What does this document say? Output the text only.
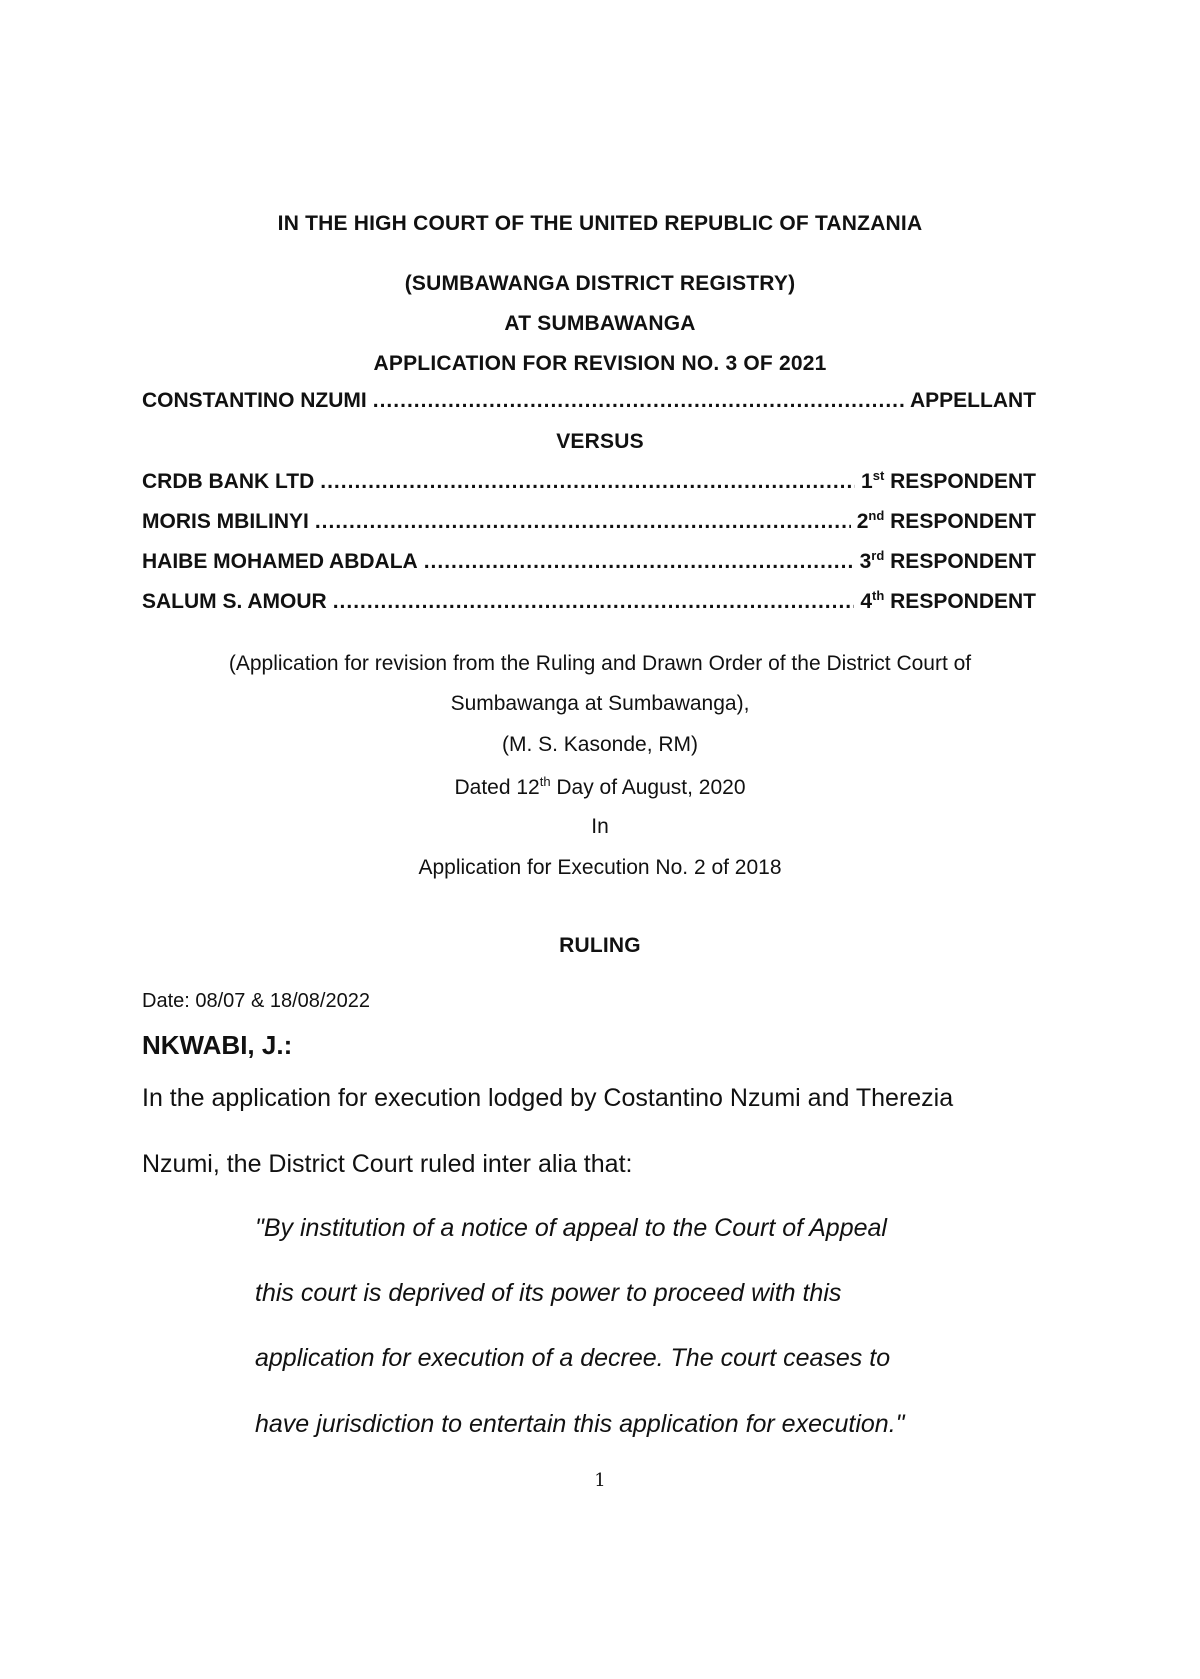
IN THE HIGH COURT OF THE UNITED REPUBLIC OF TANZANIA
(SUMBAWANGA DISTRICT REGISTRY)
AT SUMBAWANGA
APPLICATION FOR REVISION NO. 3 OF 2021
CONSTANTINO NZUMI .....	APPELLANT
VERSUS
CRDB BANK LTD .....	1st RESPONDENT
MORIS MBILINYI .....	2nd RESPONDENT
HAIBE MOHAMED ABDALA .....	3rd RESPONDENT
SALUM S. AMOUR .....	4th RESPONDENT
(Application for revision from the Ruling and Drawn Order of the District Court of
Sumbawanga at Sumbawanga),
(M. S. Kasonde, RM)
Dated 12th Day of August, 2020
In
Application for Execution No. 2 of 2018
RULING
Date: 08/07 & 18/08/2022
NKWABI, J.:
In the application for execution lodged by Costantino Nzumi and Therezia
Nzumi, the District Court ruled inter alia that:
"By institution of a notice of appeal to the Court of Appeal
this court is deprived of its power to proceed with this
application for execution of a decree. The court ceases to
have jurisdiction to entertain this application for execution."
1
